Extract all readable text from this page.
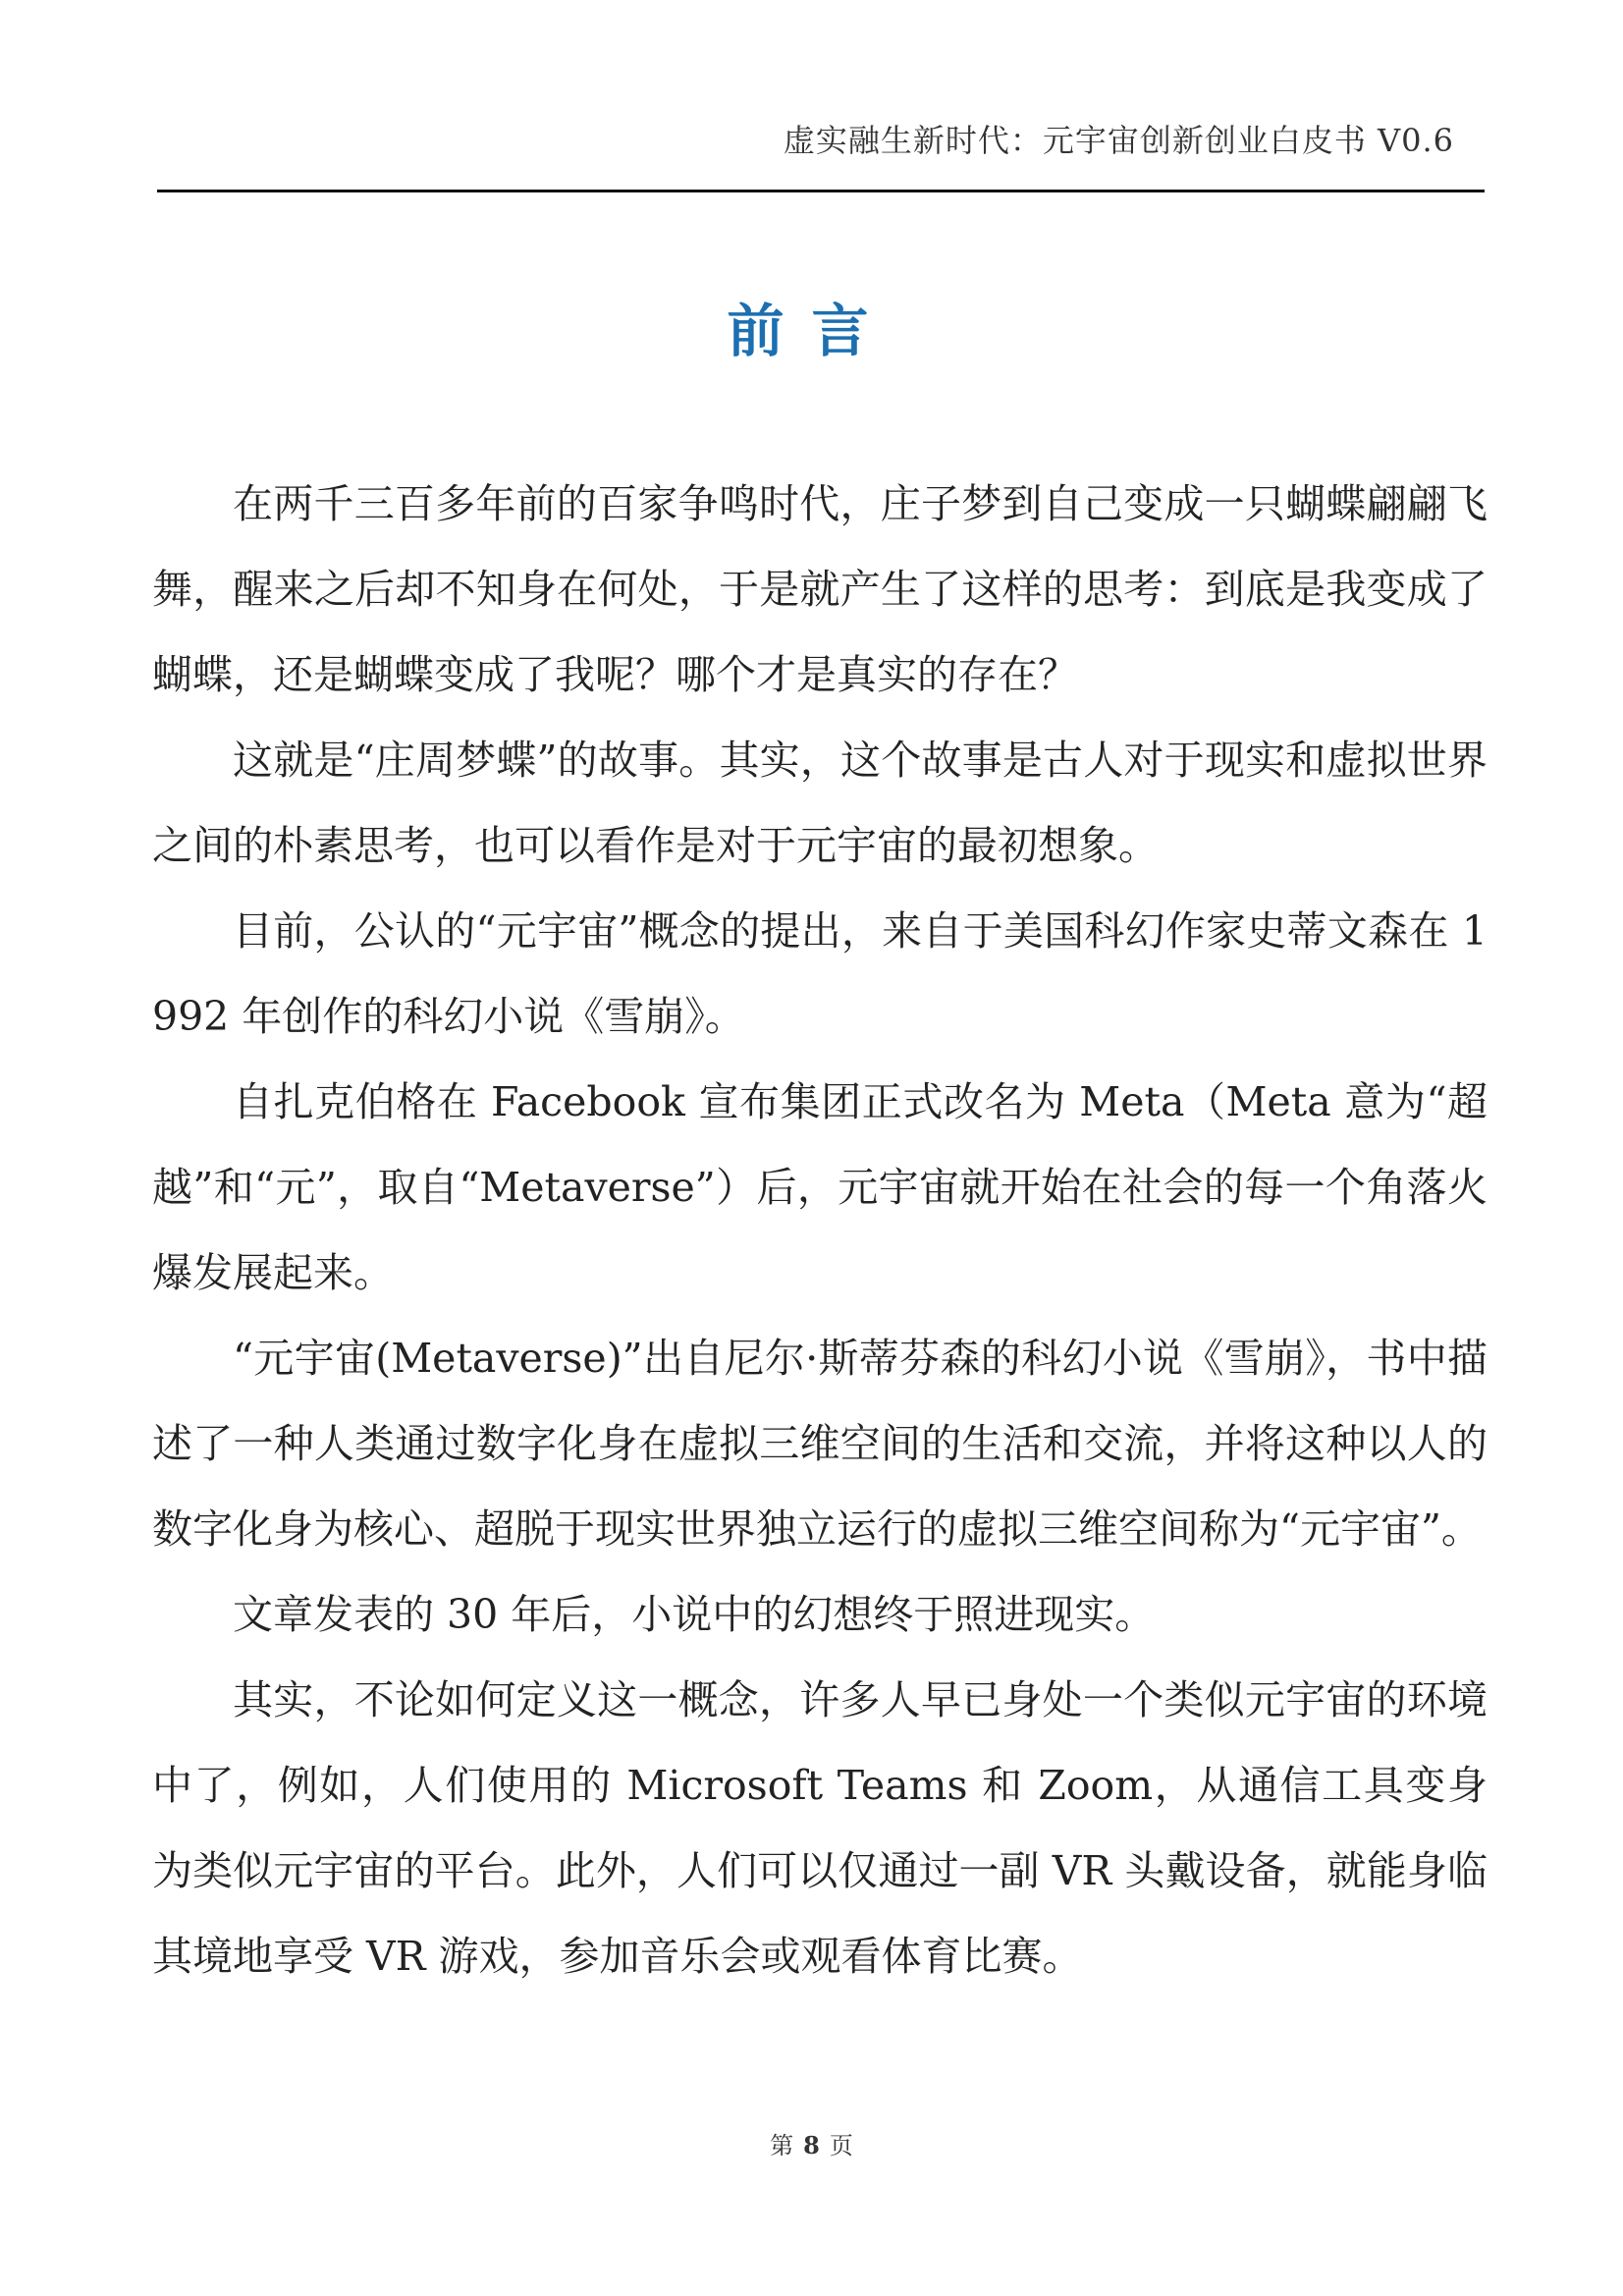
虚实融生新时代：元宇宙创新创业白皮书 V0.6
前言

在两千三百多年前的百家争鸣时代，庄子梦到自己变成一只蝴蝶翩翩飞舞，醒来之后却不知身在何处，于是就产生了这样的思考：到底是我变成了蝴蝶，还是蝴蝶变成了我呢？哪个才是真实的存在？

这就是“庄周梦蝶”的故事。其实，这个故事是古人对于现实和虚拟世界之间的朴素思考，也可以看作是对于元宇宙的最初想象。

目前，公认的“元宇宙”概念的提出，来自于美国科幻作家史蒂文森在 1992 年创作的科幻小说《雪崩》。

自扎克伯格在 Facebook 宣布集团正式改名为 Meta（Meta 意为“超越”和“元”，取自“Metaverse”）后，元宇宙就开始在社会的每一个角落火爆发展起来。

“元宇宙(Metaverse)”出自尼尔·斯蒂芬森的科幻小说《雪崩》，书中描述了一种人类通过数字化身在虚拟三维空间的生活和交流，并将这种以人的数字化身为核心、超脱于现实世界独立运行的虚拟三维空间称为“元宇宙”。

文章发表的 30 年后，小说中的幻想终于照进现实。

其实，不论如何定义这一概念，许多人早已身处一个类似元宇宙的环境中了，例如，人们使用的 Microsoft Teams 和 Zoom，从通信工具变身为类似元宇宙的平台。此外，人们可以仅通过一副 VR 头戴设备，就能身临其境地享受 VR 游戏，参加音乐会或观看体育比赛。

第 8 页
